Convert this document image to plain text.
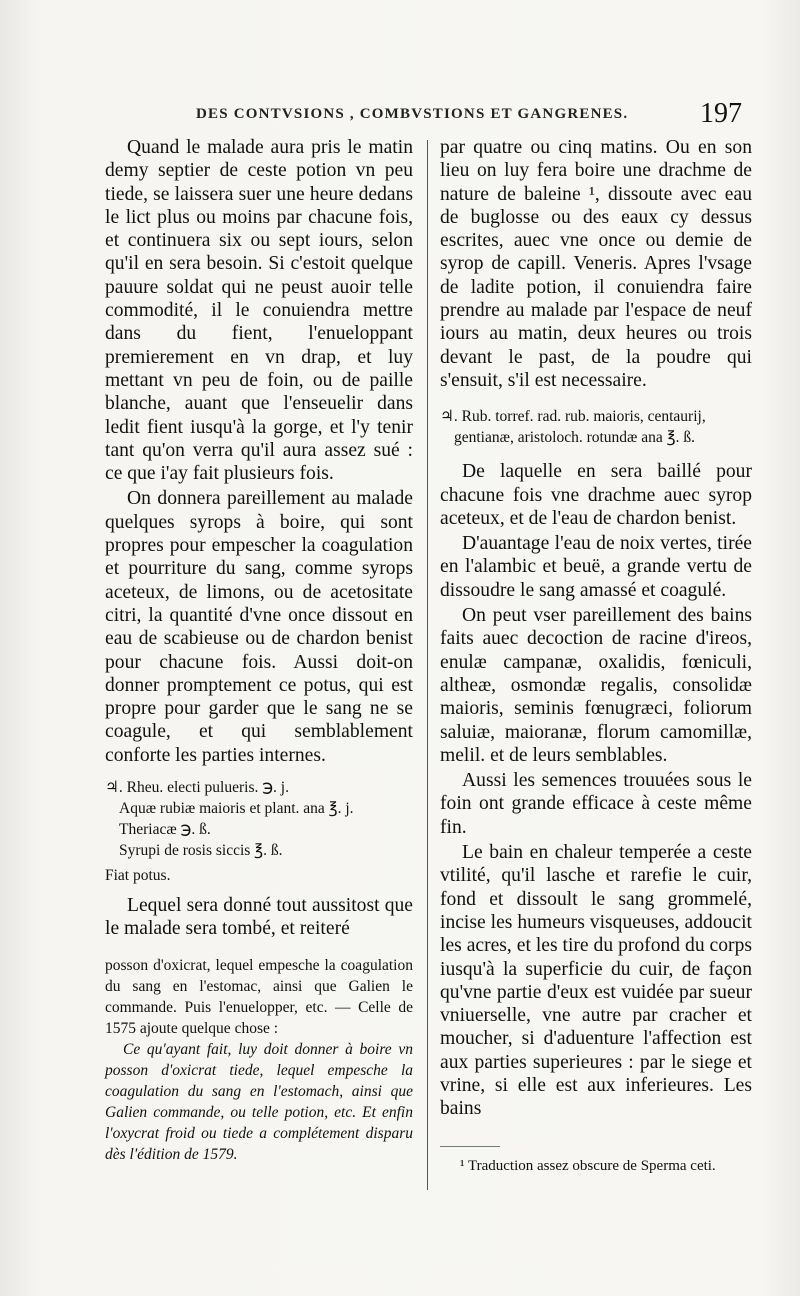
DES CONTVSIONS , COMBVSTIONS ET GANGRENES.	197

Quand le malade aura pris le matin demy septier de ceste potion vn peu tiede, se laissera suer une heure dedans le lict plus ou moins par chacune fois, et continuera six ou sept iours, selon qu'il en sera besoin. Si c'estoit quelque pauure soldat qui ne peust auoir telle commodité, il le conuiendra mettre dans du fient, l'enueloppant premierement en vn drap, et luy mettant vn peu de foin, ou de paille blanche, auant que l'enseuelir dans ledit fient iusqu'à la gorge, et l'y tenir tant qu'on verra qu'il aura assez sué : ce que i'ay fait plusieurs fois.

On donnera pareillement au malade quelques syrops à boire, qui sont propres pour empescher la coagulation et pourriture du sang, comme syrops aceteux, de limons, ou de acetositate citri, la quantité d'vne once dissout en eau de scabieuse ou de chardon benist pour chacune fois. Aussi doit-on donner promptement ce potus, qui est propre pour garder que le sang ne se coagule, et qui semblablement conforte les parties internes.

♃. Rheu. electi pulueris. ℈. j.
Aquæ rubiæ maioris et plant. ana ℥. j.
Theriacæ ℈. ß.
Syrupi de rosis siccis ℥. ß.
Fiat potus.

Lequel sera donné tout aussitost que le malade sera tombé, et reiteré

posson d'oxicrat, lequel empesche la coagulation du sang en l'estomac, ainsi que Galien le commande. Puis l'enuelopper, etc. — Celle de 1575 ajoute quelque chose :

Ce qu'ayant fait, luy doit donner à boire vn posson d'oxicrat tiede, lequel empesche la coagulation du sang en l'estomach, ainsi que Galien commande, ou telle potion, etc. Et enfin l'oxycrat froid ou tiede a complétement disparu dès l'édition de 1579.

par quatre ou cinq matins. Ou en son lieu on luy fera boire une drachme de nature de baleine ¹, dissoute avec eau de buglosse ou des eaux cy dessus escrites, auec vne once ou demie de syrop de capill. Veneris. Apres l'vsage de ladite potion, il conuiendra faire prendre au malade par l'espace de neuf iours au matin, deux heures ou trois devant le past, de la poudre qui s'ensuit, s'il est necessaire.

♃. Rub. torref. rad. rub. maioris, centaurij,
gentianæ, aristoloch. rotundæ ana ℥. ß.

De laquelle en sera baillé pour chacune fois vne drachme auec syrop aceteux, et de l'eau de chardon benist.

D'auantage l'eau de noix vertes, tirée en l'alambic et beuë, a grande vertu de dissoudre le sang amassé et coagulé.

On peut vser pareillement des bains faits auec decoction de racine d'ireos, enulæ campanæ, oxalidis, fœniculi, altheæ, osmondæ regalis, consolidæ maioris, seminis fœnugræci, foliorum saluiæ, maioranæ, florum camomillæ, melil. et de leurs semblables.

Aussi les semences trouuées sous le foin ont grande efficace à ceste même fin.

Le bain en chaleur temperée a ceste vtilité, qu'il lasche et rarefie le cuir, fond et dissoult le sang grommelé, incise les humeurs visqueuses, addoucit les acres, et les tire du profond du corps iusqu'à la superficie du cuir, de façon qu'vne partie d'eux est vuidée par sueur vniuerselle, vne autre par cracher et moucher, si d'aduenture l'affection est aux parties superieures : par le siege et vrine, si elle est aux inferieures. Les bains

¹ Traduction assez obscure de Sperma ceti.
